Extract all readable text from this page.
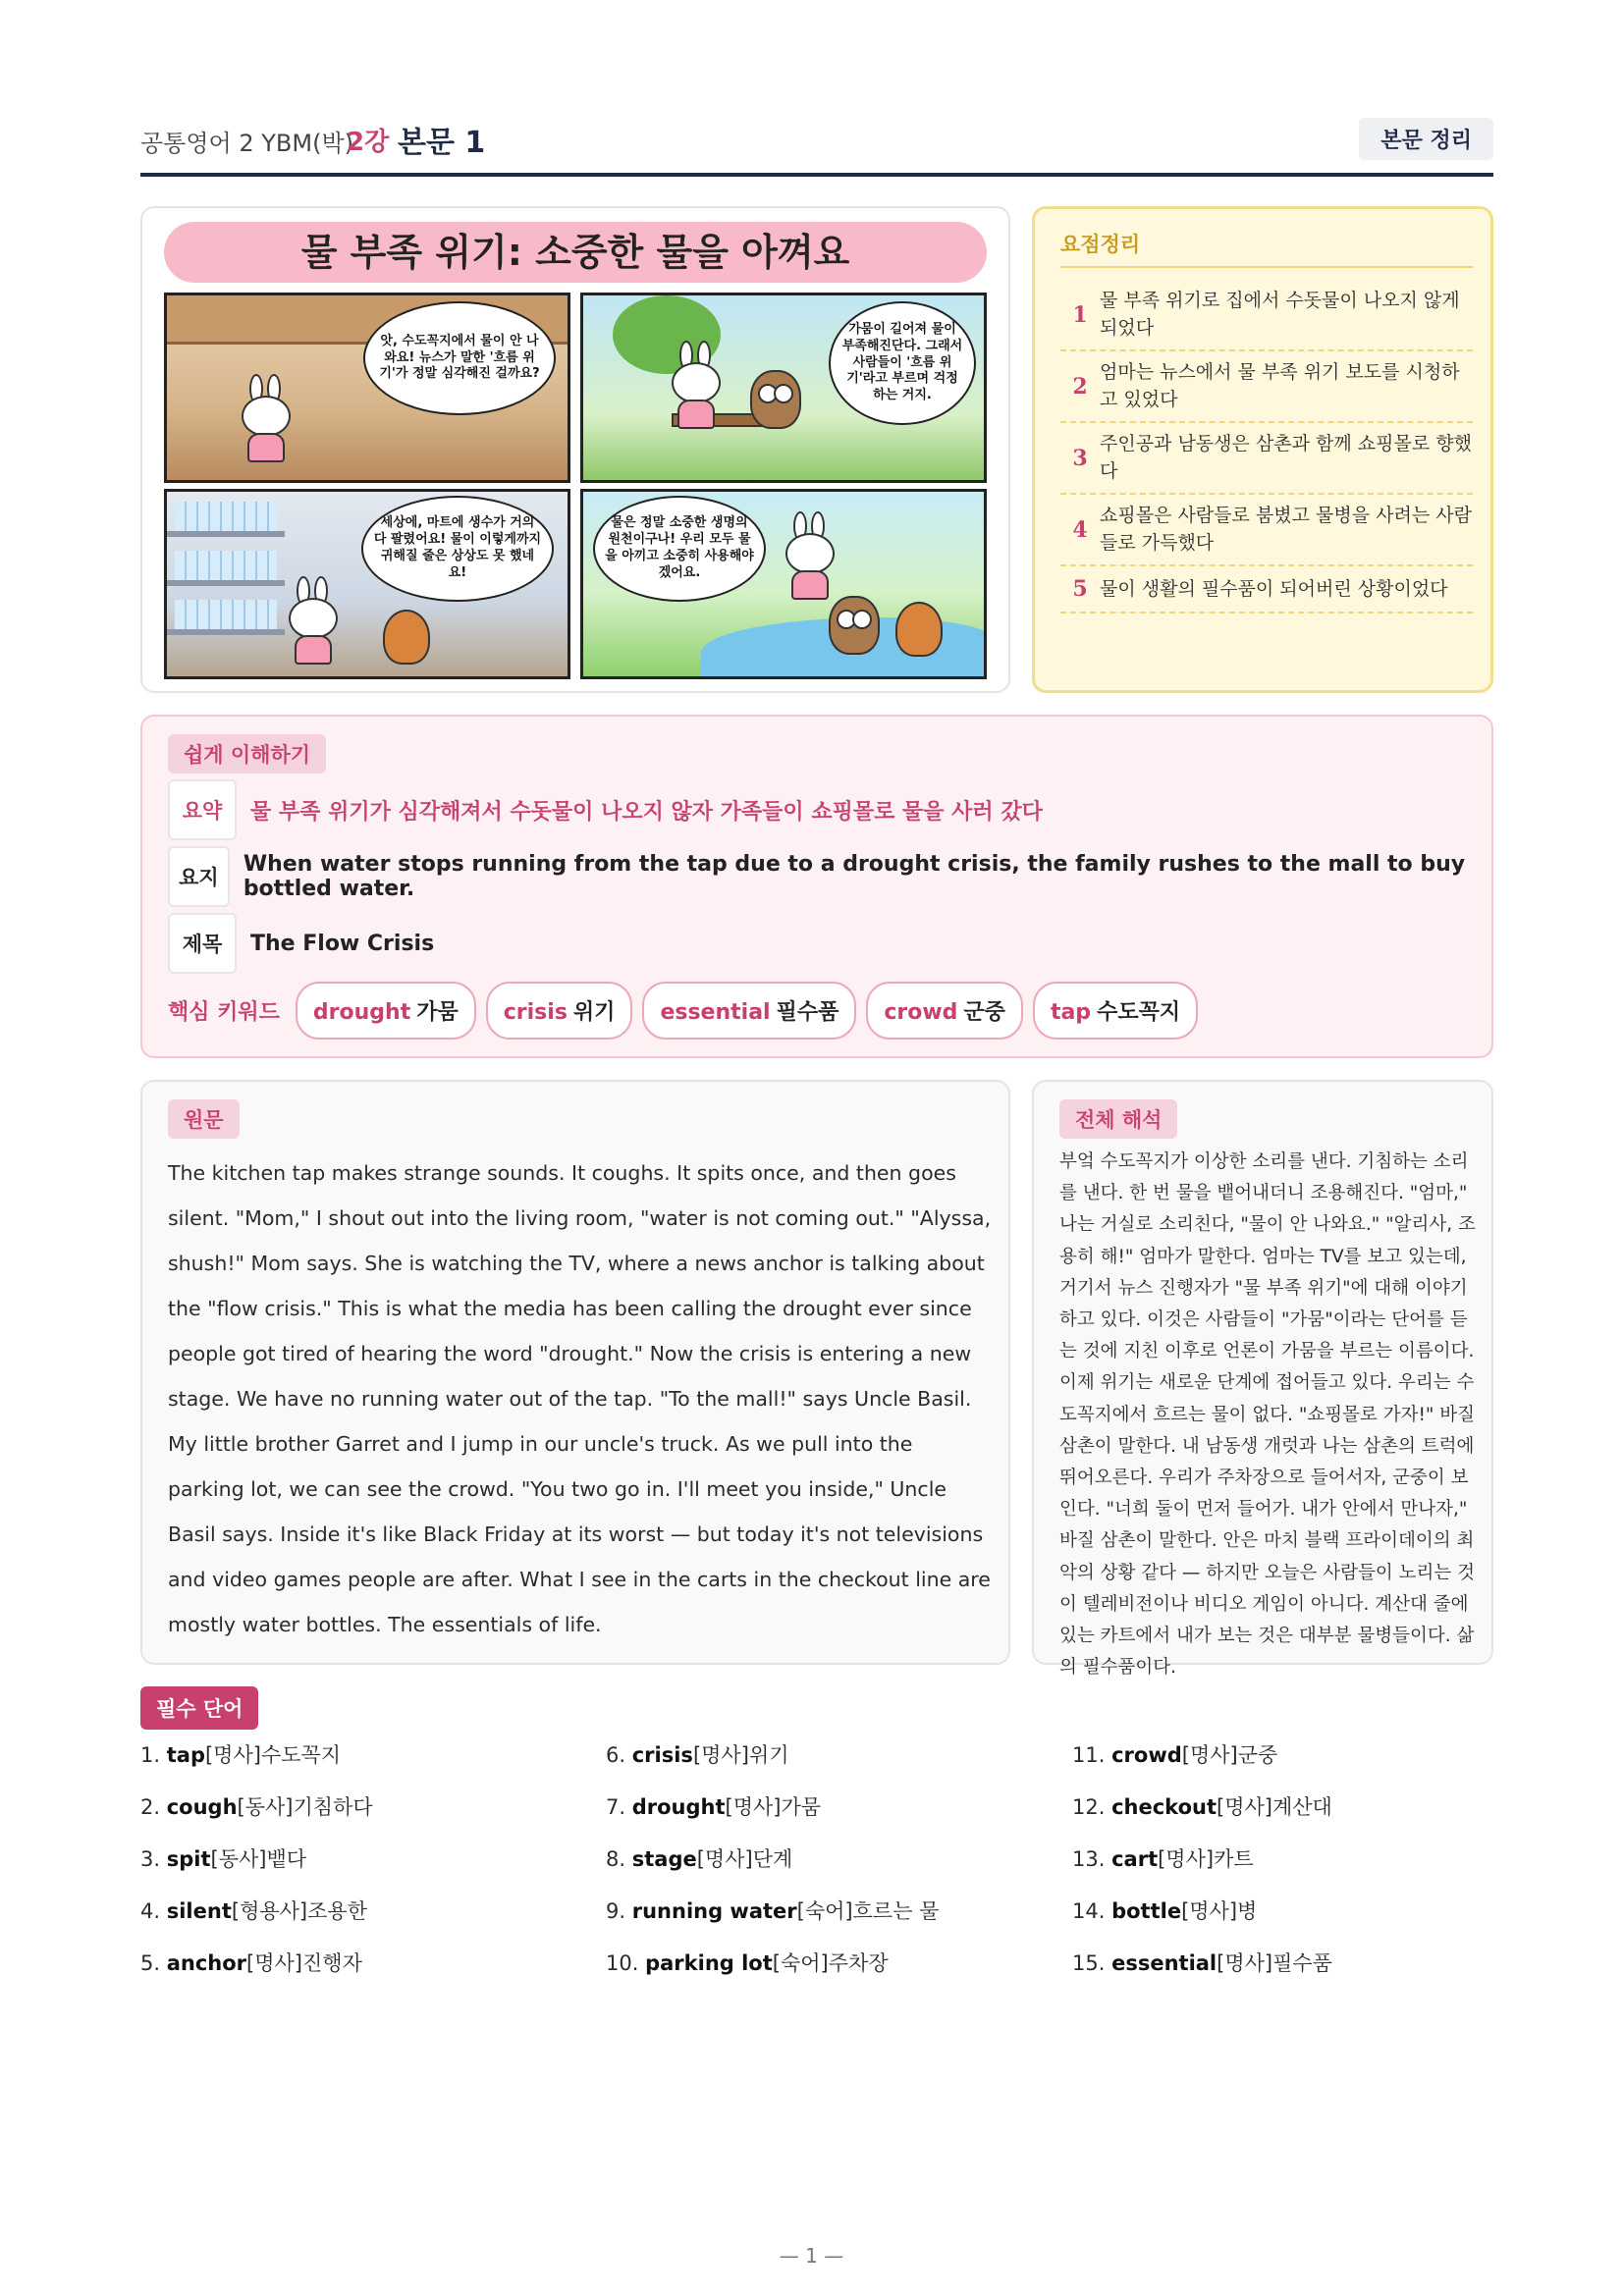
공통영어 2 YBM(박)
2강 본문 1	본문 정리
물 부족 위기: 소중한 물을 아껴요
앗, 수도꼭지에서 물이 안 나와요! 뉴스가 말한 '흐름 위기'가 정말 심각해진 걸까요?
가뭄이 길어져 물이 부족해진단다. 그래서 사람들이 '흐름 위기'라고 부르며 걱정하는 거지.
세상에, 마트에 생수가 거의 다 팔렸어요! 물이 이렇게까지 귀해질 줄은 상상도 못 했네요!
물은 정말 소중한 생명의 원천이구나! 우리 모두 물을 아끼고 소중히 사용해야겠어요.
요점정리
1
물 부족 위기로 집에서 수돗물이 나오지 않게 되었다
2
엄마는 뉴스에서 물 부족 위기 보도를 시청하고 있었다
3
주인공과 남동생은 삼촌과 함께 쇼핑몰로 향했다
4
쇼핑몰은 사람들로 붐볐고 물병을 사려는 사람들로 가득했다
5 물이 생활의 필수품이 되어버린 상황이었다
쉽게 이해하기
요약	물 부족 위기가 심각해져서 수돗물이 나오지 않자 가족들이 쇼핑몰로 물을 사러 갔다
요지
When water stops running from the tap due to a drought crisis, the family rushes to the mall to buy bottled water.
제목	The Flow Crisis
핵심 키워드	drought 가뭄	crisis 위기	essential 필수품	crowd 군중	tap 수도꼭지
원문
The kitchen tap makes strange sounds. It coughs. It spits once, and then goes silent. "Mom," I shout out into the living room, "water is not coming out." "Alyssa, shush!" Mom says. She is watching the TV, where a news anchor is talking about the "flow crisis." This is what the media has been calling the drought ever since people got tired of hearing the word "drought." Now the crisis is entering a new stage. We have no running water out of the tap. "To the mall!" says Uncle Basil. My little brother Garret and I jump in our uncle's truck. As we pull into the parking lot, we can see the crowd. "You two go in. I'll meet you inside," Uncle Basil says. Inside it's like Black Friday at its worst — but today it's not televisions and video games people are after. What I see in the carts in the checkout line are mostly water bottles. The essentials of life.
전체 해석
부엌 수도꼭지가 이상한 소리를 낸다. 기침하는 소리를 낸다. 한 번 물을 뱉어내더니 조용해진다. "엄마," 나는 거실로 소리친다, "물이 안 나와요." "알리사, 조용히 해!" 엄마가 말한다. 엄마는 TV를 보고 있는데, 거기서 뉴스 진행자가 "물 부족 위기"에 대해 이야기하고 있다. 이것은 사람들이 "가뭄"이라는 단어를 듣는 것에 지친 이후로 언론이 가뭄을 부르는 이름이다. 이제 위기는 새로운 단계에 접어들고 있다. 우리는 수도꼭지에서 흐르는 물이 없다. "쇼핑몰로 가자!" 바질 삼촌이 말한다. 내 남동생 개럿과 나는 삼촌의 트럭에 뛰어오른다. 우리가 주차장으로 들어서자, 군중이 보인다. "너희 둘이 먼저 들어가. 내가 안에서 만나자," 바질 삼촌이 말한다. 안은 마치 블랙 프라이데이의 최악의 상황 같다 — 하지만 오늘은 사람들이 노리는 것이 텔레비전이나 비디오 게임이 아니다. 계산대 줄에 있는 카트에서 내가 보는 것은 대부분 물병들이다. 삶의 필수품이다.
필수 단어
1. tap[명사]수도꼭지
2. cough[동사]기침하다
3. spit[동사]뱉다
4. silent[형용사]조용한
5. anchor[명사]진행자
6. crisis[명사]위기
7. drought[명사]가뭄
8. stage[명사]단계
9. running water[숙어]흐르는 물
10. parking lot[숙어]주차장
11. crowd[명사]군중
12. checkout[명사]계산대
13. cart[명사]카트
14. bottle[명사]병
15. essential[명사]필수품
— 1 —
